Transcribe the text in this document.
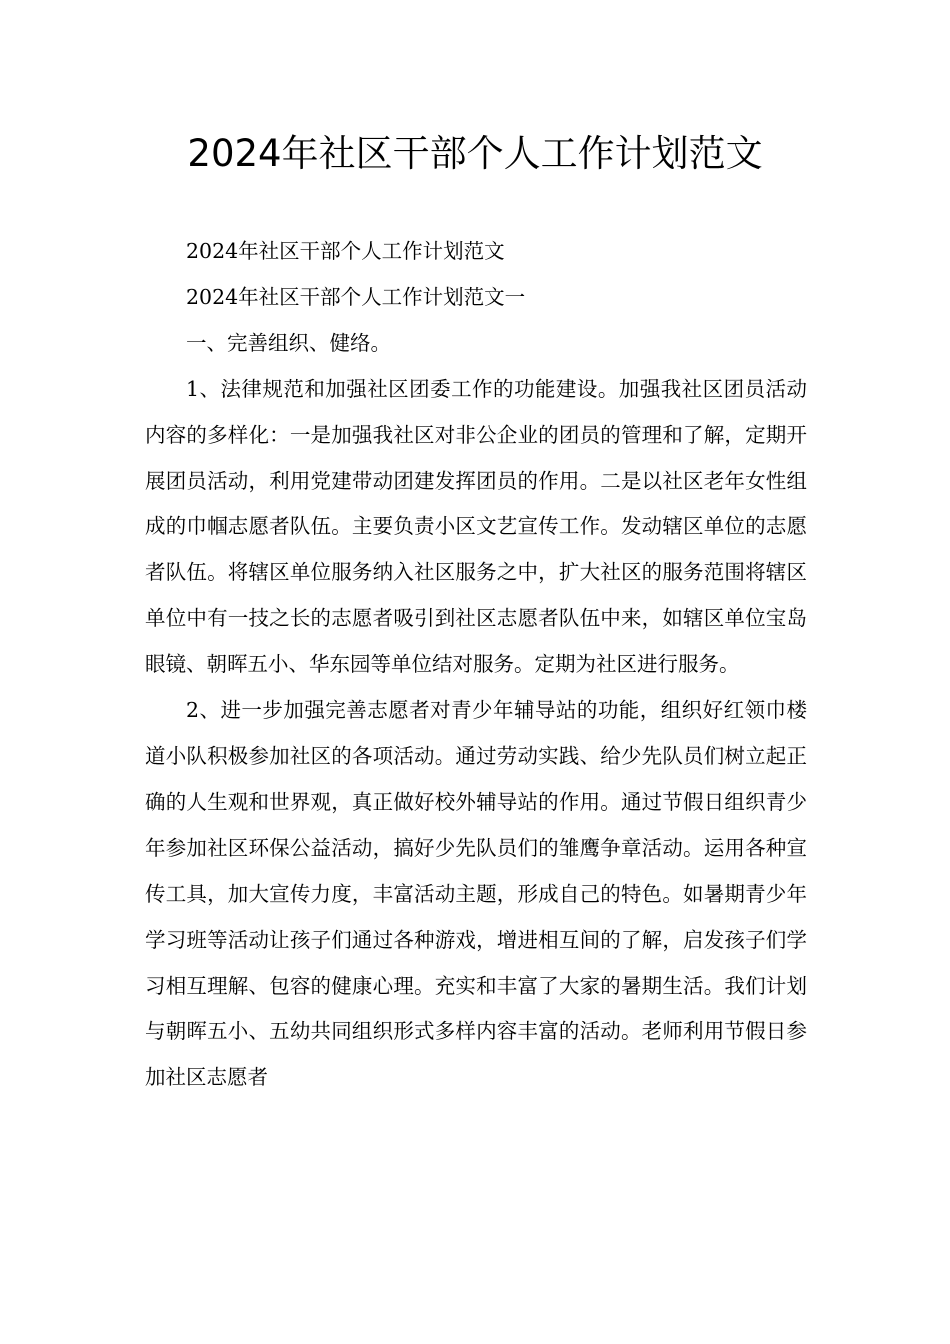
2024年社区干部个人工作计划范文

2024年社区干部个人工作计划范文

2024年社区干部个人工作计划范文一

一、完善组织、健络。

1、法律规范和加强社区团委工作的功能建设。加强我社区团员活动内容的多样化：一是加强我社区对非公企业的团员的管理和了解，定期开展团员活动，利用党建带动团建发挥团员的作用。二是以社区老年女性组成的巾帼志愿者队伍。主要负责小区文艺宣传工作。发动辖区单位的志愿者队伍。将辖区单位服务纳入社区服务之中，扩大社区的服务范围将辖区单位中有一技之长的志愿者吸引到社区志愿者队伍中来，如辖区单位宝岛眼镜、朝晖五小、华东园等单位结对服务。定期为社区进行服务。

2、进一步加强完善志愿者对青少年辅导站的功能，组织好红领巾楼道小队积极参加社区的各项活动。通过劳动实践、给少先队员们树立起正确的人生观和世界观，真正做好校外辅导站的作用。通过节假日组织青少年参加社区环保公益活动，搞好少先队员们的雏鹰争章活动。运用各种宣传工具，加大宣传力度，丰富活动主题，形成自己的特色。如暑期青少年学习班等活动让孩子们通过各种游戏，增进相互间的了解，启发孩子们学习相互理解、包容的健康心理。充实和丰富了大家的暑期生活。我们计划与朝晖五小、五幼共同组织形式多样内容丰富的活动。老师利用节假日参加社区志愿者
